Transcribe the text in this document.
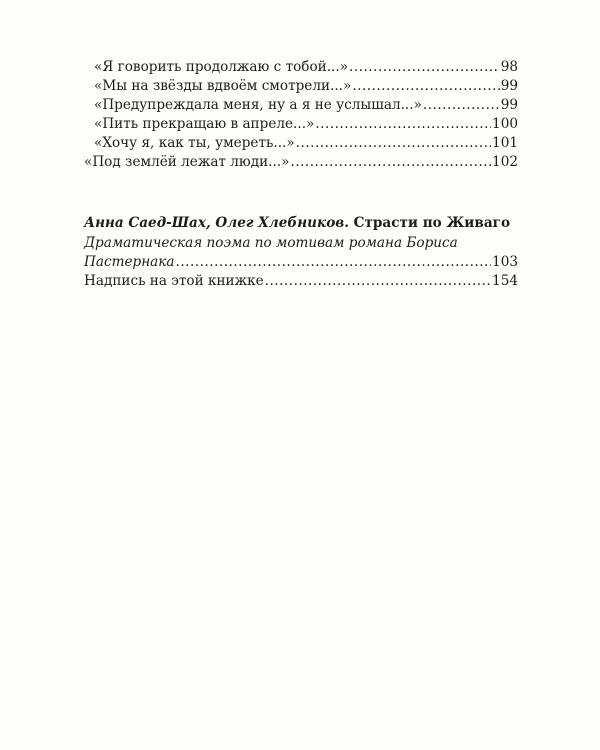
«Я говорить продолжаю с тобой...» .....	98
«Мы на звёзды вдвоём смотрели...» .....	99
«Предупреждала меня, ну а я не услышал...» .....	99
«Пить прекращаю в апреле...» .....	100
«Хочу я, как ты, умереть...» .....	101
«Под землёй лежат люди...» .....	102
Анна Саед-Шах, Олег Хлебников. Страсти по Живаго
Драматическая поэма по мотивам романа Бориса
Пастернака .....	103
Надпись на этой книжке .....	154
